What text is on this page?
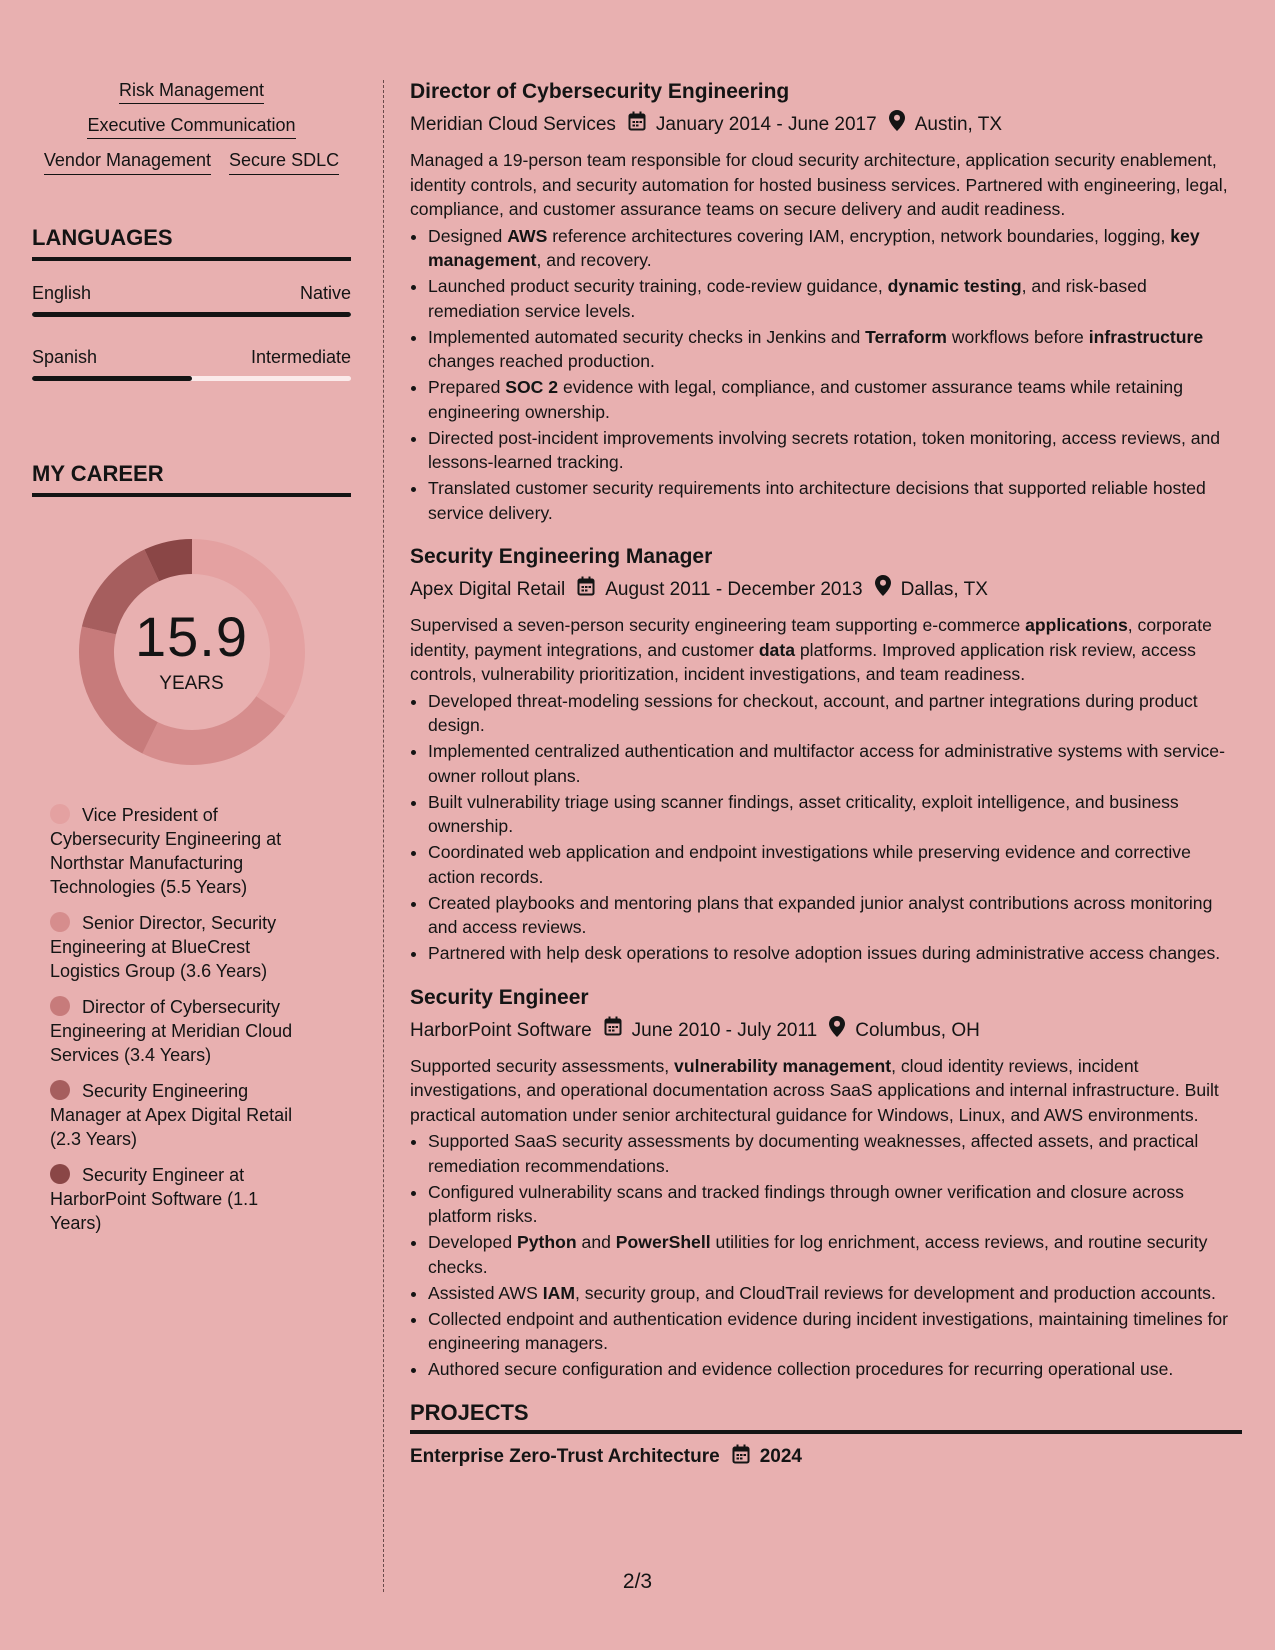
Risk Management
Executive Communication
Vendor Management Secure SDLC
LANGUAGES
English	Native
Spanish	Intermediate
MY CAREER
15.9
YEARS
Vice President of Cybersecurity Engineering at Northstar Manufacturing Technologies (5.5 Years)
Senior Director, Security Engineering at BlueCrest Logistics Group (3.6 Years)
Director of Cybersecurity Engineering at Meridian Cloud Services (3.4 Years)
Security Engineering Manager at Apex Digital Retail (2.3 Years)
Security Engineer at HarborPoint Software (1.1 Years)
Director of Cybersecurity Engineering
Meridian Cloud Services January 2014 - June 2017 Austin, TX
Managed a 19-person team responsible for cloud security architecture, application security enablement, identity controls, and security automation for hosted business services. Partnered with engineering, legal, compliance, and customer assurance teams on secure delivery and audit readiness.
• Designed AWS reference architectures covering IAM, encryption, network boundaries, logging, key management, and recovery.
• Launched product security training, code-review guidance, dynamic testing, and risk-based remediation service levels.
• Implemented automated security checks in Jenkins and Terraform workflows before infrastructure changes reached production.
• Prepared SOC 2 evidence with legal, compliance, and customer assurance teams while retaining engineering ownership.
• Directed post-incident improvements involving secrets rotation, token monitoring, access reviews, and lessons-learned tracking.
• Translated customer security requirements into architecture decisions that supported reliable hosted service delivery.
Security Engineering Manager
Apex Digital Retail August 2011 - December 2013 Dallas, TX
Supervised a seven-person security engineering team supporting e-commerce applications, corporate identity, payment integrations, and customer data platforms. Improved application risk review, access controls, vulnerability prioritization, incident investigations, and team readiness.
• Developed threat-modeling sessions for checkout, account, and partner integrations during product design.
• Implemented centralized authentication and multifactor access for administrative systems with service-owner rollout plans.
• Built vulnerability triage using scanner findings, asset criticality, exploit intelligence, and business ownership.
• Coordinated web application and endpoint investigations while preserving evidence and corrective action records.
• Created playbooks and mentoring plans that expanded junior analyst contributions across monitoring and access reviews.
• Partnered with help desk operations to resolve adoption issues during administrative access changes.
Security Engineer
HarborPoint Software June 2010 - July 2011 Columbus, OH
Supported security assessments, vulnerability management, cloud identity reviews, incident investigations, and operational documentation across SaaS applications and internal infrastructure. Built practical automation under senior architectural guidance for Windows, Linux, and AWS environments.
• Supported SaaS security assessments by documenting weaknesses, affected assets, and practical remediation recommendations.
• Configured vulnerability scans and tracked findings through owner verification and closure across platform risks.
• Developed Python and PowerShell utilities for log enrichment, access reviews, and routine security checks.
• Assisted AWS IAM, security group, and CloudTrail reviews for development and production accounts.
• Collected endpoint and authentication evidence during incident investigations, maintaining timelines for engineering managers.
• Authored secure configuration and evidence collection procedures for recurring operational use.
PROJECTS
Enterprise Zero-Trust Architecture 2024
2/3
